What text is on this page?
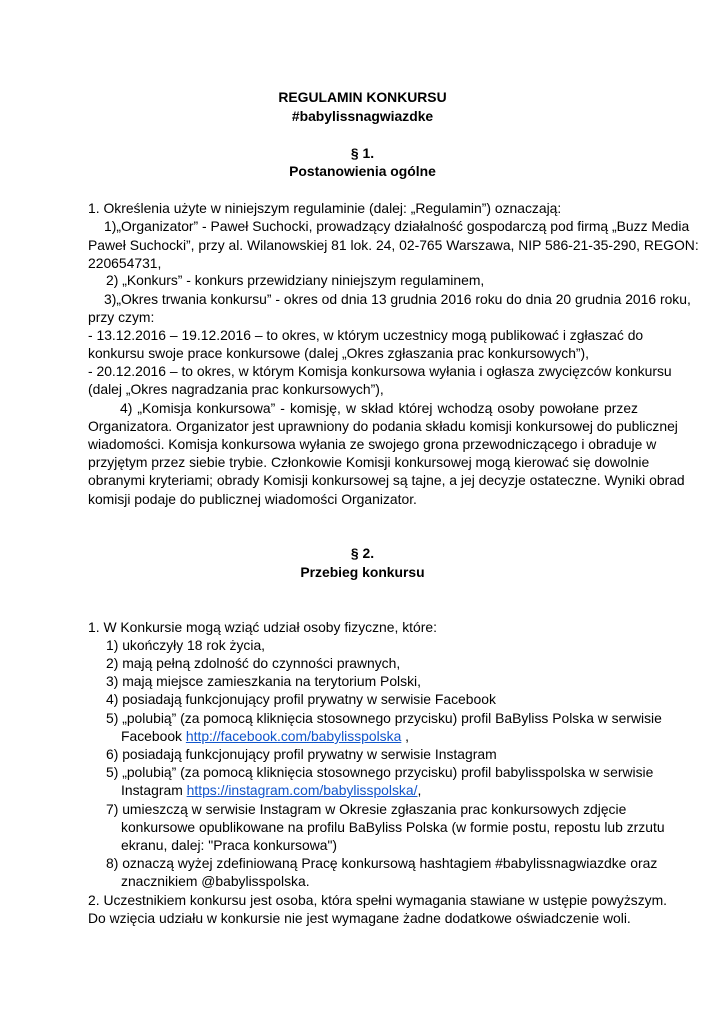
REGULAMIN KONKURSU
#babylissnagwiazdke
§ 1.
Postanowienia ogólne
1. Określenia użyte w niniejszym regulaminie (dalej: „Regulamin”) oznaczają:
1)„Organizator” - Paweł Suchocki, prowadzący działalność gospodarczą pod firmą „Buzz Media
Paweł Suchocki”, przy al. Wilanowskiej 81 lok. 24, 02-765 Warszawa, NIP 586-21-35-290, REGON:
220654731,
2) „Konkurs” - konkurs przewidziany niniejszym regulaminem,
3)„Okres trwania konkursu” - okres od dnia 13 grudnia 2016 roku do dnia 20 grudnia 2016 roku,
przy czym:
- 13.12.2016 – 19.12.2016 – to okres, w którym uczestnicy mogą publikować i zgłaszać do
konkursu swoje prace konkursowe (dalej „Okres zgłaszania prac konkursowych”),
- 20.12.2016 – to okres, w którym Komisja konkursowa wyłania i ogłasza zwycięzców konkursu
(dalej „Okres nagradzania prac konkursowych”),
4) „Komisja konkursowa” - komisję, w skład której wchodzą osoby powołane przez
Organizatora. Organizator jest uprawniony do podania składu komisji konkursowej do publicznej
wiadomości. Komisja konkursowa wyłania ze swojego grona przewodniczącego i obraduje w
przyjętym przez siebie trybie. Członkowie Komisji konkursowej mogą kierować się dowolnie
obranymi kryteriami; obrady Komisji konkursowej są tajne, a jej decyzje ostateczne. Wyniki obrad
komisji podaje do publicznej wiadomości Organizator.
§ 2.
Przebieg konkursu
1. W Konkursie mogą wziąć udział osoby fizyczne, które:
1) ukończyły 18 rok życia,
2) mają pełną zdolność do czynności prawnych,
3) mają miejsce zamieszkania na terytorium Polski,
4) posiadają funkcjonujący profil prywatny w serwisie Facebook
5) „polubią” (za pomocą kliknięcia stosownego przycisku) profil BaByliss Polska w serwisie
Facebook http://facebook.com/babylisspolska ,
6) posiadają funkcjonujący profil prywatny w serwisie Instagram
5) „polubią” (za pomocą kliknięcia stosownego przycisku) profil babylisspolska w serwisie
Instagram https://instagram.com/babylisspolska/,
7) umieszczą w serwisie Instagram w Okresie zgłaszania prac konkursowych zdjęcie
konkursowe opublikowane na profilu BaByliss Polska (w formie postu, repostu lub zrzutu
ekranu, dalej: "Praca konkursowa")
8) oznaczą wyżej zdefiniowaną Pracę konkursową hashtagiem #babylissnagwiazdke oraz
znacznikiem @babylisspolska.
2. Uczestnikiem konkursu jest osoba, która spełni wymagania stawiane w ustępie powyższym.
Do wzięcia udziału w konkursie nie jest wymagane żadne dodatkowe oświadczenie woli.
